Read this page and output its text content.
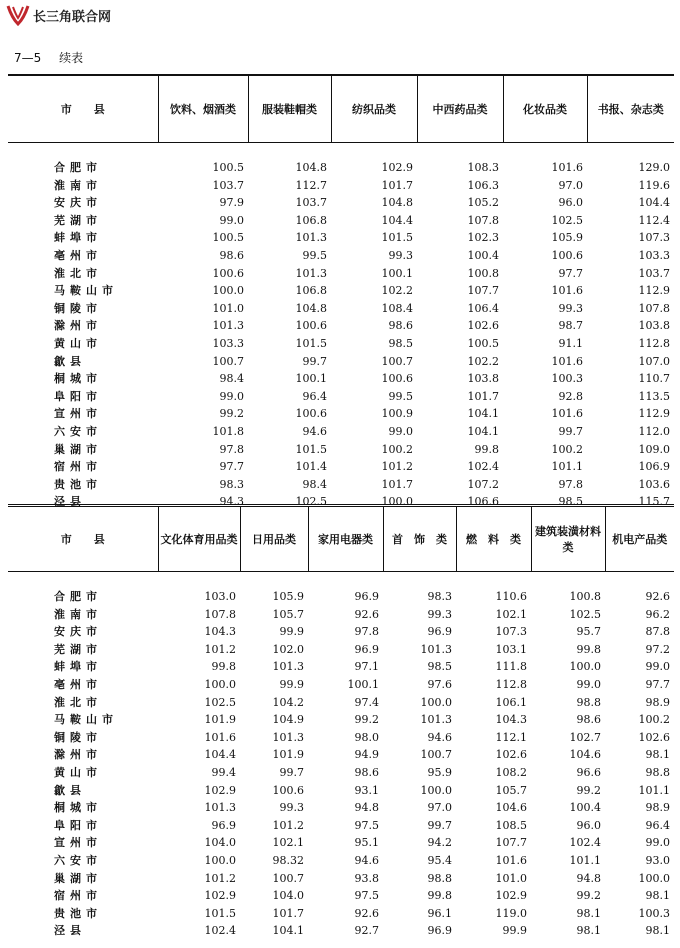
长三角联合网
7—5 续表
市　　县	饮料、烟酒类	服装鞋帽类	纺织品类	中西药品类	化妆品类	书报、杂志类
合肥市	100.5	104.8	102.9	108.3	101.6	129.0
淮南市	103.7	112.7	101.7	106.3	97.0	119.6
安庆市	97.9	103.7	104.8	105.2	96.0	104.4
芜湖市	99.0	106.8	104.4	107.8	102.5	112.4
蚌埠市	100.5	101.3	101.5	102.3	105.9	107.3
亳州市	98.6	99.5	99.3	100.4	100.6	103.3
淮北市	100.6	101.3	100.1	100.8	97.7	103.7
马鞍山市	100.0	106.8	102.2	107.7	101.6	112.9
铜陵市	101.0	104.8	108.4	106.4	99.3	107.8
滁州市	101.3	100.6	98.6	102.6	98.7	103.8
黄山市	103.3	101.5	98.5	100.5	91.1	112.8
歙县	100.7	99.7	100.7	102.2	101.6	107.0
桐城市	98.4	100.1	100.6	103.8	100.3	110.7
阜阳市	99.0	96.4	99.5	101.7	92.8	113.5
宣州市	99.2	100.6	100.9	104.1	101.6	112.9
六安市	101.8	94.6	99.0	104.1	99.7	112.0
巢湖市	97.8	101.5	100.2	99.8	100.2	109.0
宿州市	97.7	101.4	101.2	102.4	101.1	106.9
贵池市	98.3	98.4	101.7	107.2	97.8	103.6
泾县	94.3	102.5	100.0	106.6	98.5	115.7
市　　县	文化体育用品类	日用品类	家用电器类	首　饰　类	燃　料　类	建筑装潢材料类	机电产品类
合肥市	103.0	105.9	96.9	98.3	110.6	100.8	92.6
淮南市	107.8	105.7	92.6	99.3	102.1	102.5	96.2
安庆市	104.3	99.9	97.8	96.9	107.3	95.7	87.8
芜湖市	101.2	102.0	96.9	101.3	103.1	99.8	97.2
蚌埠市	99.8	101.3	97.1	98.5	111.8	100.0	99.0
亳州市	100.0	99.9	100.1	97.6	112.8	99.0	97.7
淮北市	102.5	104.2	97.4	100.0	106.1	98.8	98.9
马鞍山市	101.9	104.9	99.2	101.3	104.3	98.6	100.2
铜陵市	101.6	101.3	98.0	94.6	112.1	102.7	102.6
滁州市	104.4	101.9	94.9	100.7	102.6	104.6	98.1
黄山市	99.4	99.7	98.6	95.9	108.2	96.6	98.8
歙县	102.9	100.6	93.1	100.0	105.7	99.2	101.1
桐城市	101.3	99.3	94.8	97.0	104.6	100.4	98.9
阜阳市	96.9	101.2	97.5	99.7	108.5	96.0	96.4
宣州市	104.0	102.1	95.1	94.2	107.7	102.4	99.0
六安市	100.0	98.32	94.6	95.4	101.6	101.1	93.0
巢湖市	101.2	100.7	93.8	98.8	101.0	94.8	100.0
宿州市	102.9	104.0	97.5	99.8	102.9	99.2	98.1
贵池市	101.5	101.7	92.6	96.1	119.0	98.1	100.3
泾县	102.4	104.1	92.7	96.9	99.9	98.1	98.1
